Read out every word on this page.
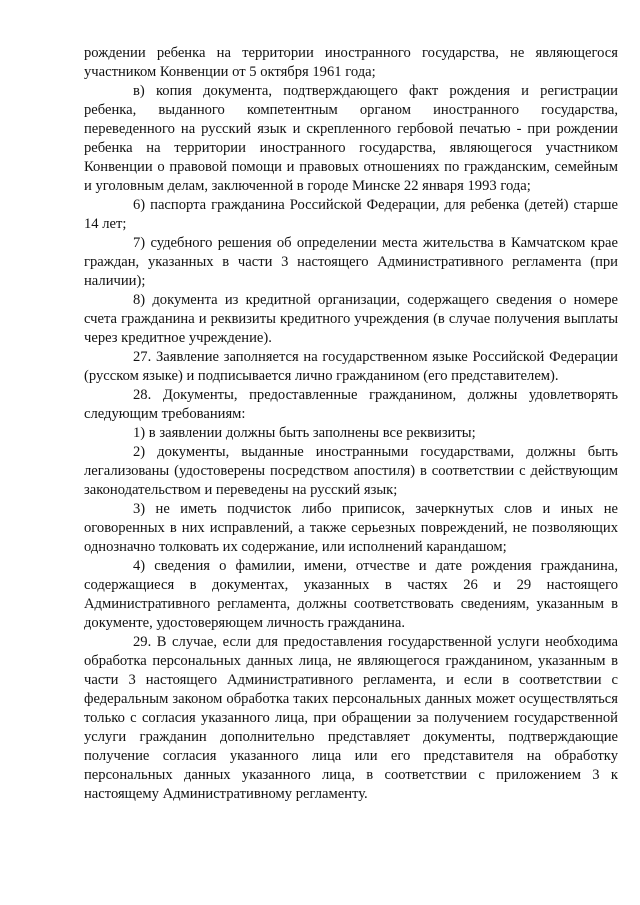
рождении ребенка на территории иностранного государства, не являющегося участником Конвенции от 5 октября 1961 года;

в) копия документа, подтверждающего факт рождения и регистрации ребенка, выданного компетентным органом иностранного государства, переведенного на русский язык и скрепленного гербовой печатью - при рождении ребенка на территории иностранного государства, являющегося участником Конвенции о правовой помощи и правовых отношениях по гражданским, семейным и уголовным делам, заключенной в городе Минске 22 января 1993 года;

6) паспорта гражданина Российской Федерации, для ребенка (детей) старше 14 лет;

7) судебного решения об определении места жительства в Камчатском крае граждан, указанных в части 3 настоящего Административного регламента (при наличии);

8) документа из кредитной организации, содержащего сведения о номере счета гражданина и реквизиты кредитного учреждения (в случае получения выплаты через кредитное учреждение).

27. Заявление заполняется на государственном языке Российской Федерации (русском языке) и подписывается лично гражданином (его представителем).

28. Документы, предоставленные гражданином, должны удовлетворять следующим требованиям:

1) в заявлении должны быть заполнены все реквизиты;

2) документы, выданные иностранными государствами, должны быть легализованы (удостоверены посредством апостиля) в соответствии с действующим законодательством и переведены на русский язык;

3) не иметь подчисток либо приписок, зачеркнутых слов и иных не оговоренных в них исправлений, а также серьезных повреждений, не позволяющих однозначно толковать их содержание, или исполнений карандашом;

4) сведения о фамилии, имени, отчестве и дате рождения гражданина, содержащиеся в документах, указанных в частях 26 и 29 настоящего Административного регламента, должны соответствовать сведениям, указанным в документе, удостоверяющем личность гражданина.

29. В случае, если для предоставления государственной услуги необходима обработка персональных данных лица, не являющегося гражданином, указанным в части 3 настоящего Административного регламента, и если в соответствии с федеральным законом обработка таких персональных данных может осуществляться только с согласия указанного лица, при обращении за получением государственной услуги гражданин дополнительно представляет документы, подтверждающие получение согласия указанного лица или его представителя на обработку персональных данных указанного лица, в соответствии с приложением 3 к настоящему Административному регламенту.
